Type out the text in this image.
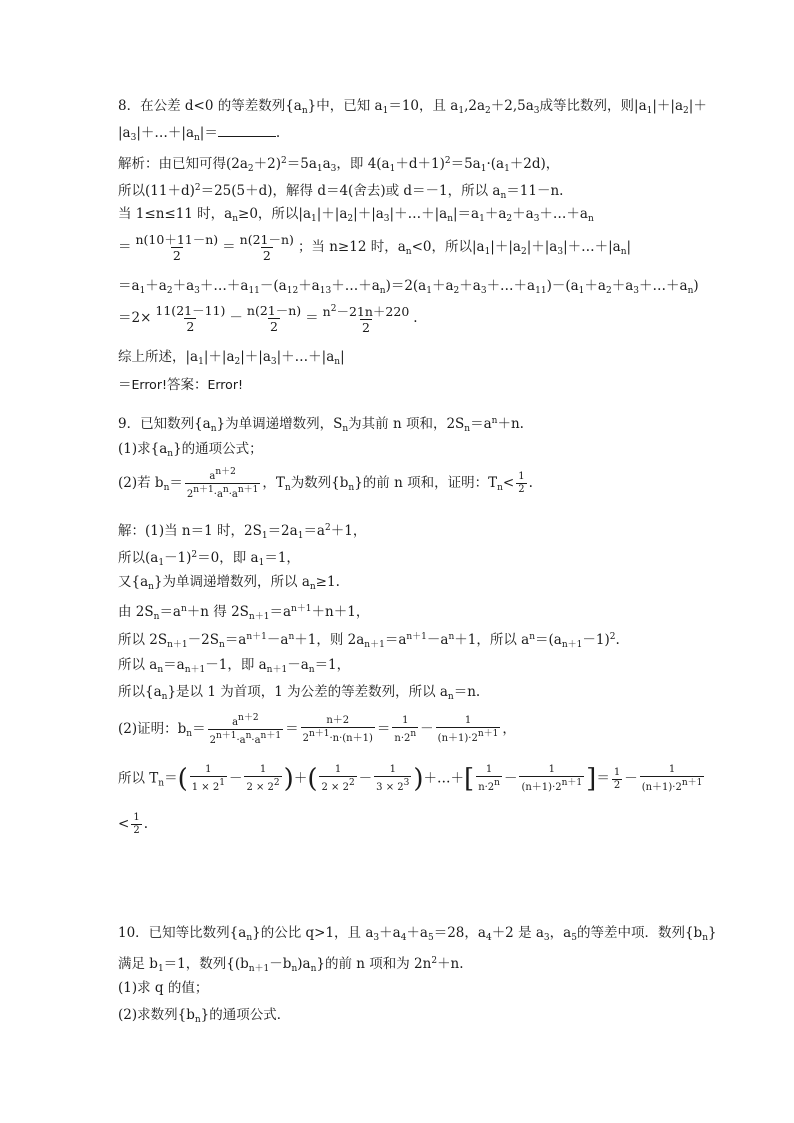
8．在公差 d<0 的等差数列$\{a_n\}$中，已知 $a_1=10$，且 $a_1,2a_2+2,5a_3$成等比数列，则$|a_1|+|a_2|+$
$|a_3|+\dots+|a_n|=$	.
解析：由已知可得$(2a_2+2)^2=5a_1a_3$，即 $4(a_1+d+1)^2=5a_1\cdot(a_1+2d)$，
所以$(11+d)^2=25(5+d)$，解得 d＝4(舍去)或 d＝－1，所以 $a_n=11-n$.
当 1≤n≤11 时，$a_n\ge 0$，所以$|a_1|+|a_2|+|a_3|+\dots+|a_n|=a_1+a_2+a_3+\dots+a_n$
＝ $\frac{n(10+11-n)}{2} = \frac{n(21-n)}{2}$ ；当 n≥12 时，$a_n<0$，所以$|a_1|+|a_2|+|a_3|+\dots+|a_n|$
$=a_1+a_2+a_3+\dots+a_{11}-(a_{12}+a_{13}+\dots+a_n)=2(a_1+a_2+a_3+\dots+a_{11})-(a_1+a_2+a_3+\dots+a_n)$
$=2\times \frac{11(21-11)}{2} - \frac{n(21-n)}{2} = \frac{n^2-21n+220}{2}$ .
综上所述，$|a_1|+|a_2|+|a_3|+\dots+|a_n|$
＝Error!答案：Error!
9．已知数列$\{a_n\}$为单调递增数列，$S_n$为其前 n 项和，$2S_n=a^n+n$.
(1)求$\{a_n\}$的通项公式；
(2)若 $b_n= \frac{a^{n+2}}{2^{n+1}\cdot a^n\cdot a^{n+1}}$ ，$T_n$为数列$\{b_n\}$的前 n 项和，证明：$T_n< \frac{1}{2}$ .
解：(1)当 n＝1 时，$2S_1=2a_1=a^2+1$，
所以$(a_1-1)^2=0$，即 $a_1=1$，
又$\{a_n\}$为单调递增数列，所以 $a_n\ge 1$.
由 $2S_n=a^n+n$ 得 $2S_{n+1}=a^{n+1}+n+1$，
所以 $2S_{n+1}-2S_n=a^{n+1}-a^n+1$，则 $2a_{n+1}=a^{n+1}-a^n+1$，所以 $a^n=(a_{n+1}-1)^2$.
所以 $a_n=a_{n+1}-1$，即 $a_{n+1}-a_n=1$，
所以$\{a_n\}$是以 1 为首项，1 为公差的等差数列，所以 $a_n=n$.
(2)证明：$b_n= \frac{a^{n+2}}{2^{n+1}\cdot a^n\cdot a^{n+1}} = \frac{n+2}{2^{n+1}\cdot n\cdot(n+1)} = \frac{1}{n\cdot 2^n} - \frac{1}{(n+1)\cdot 2^{n+1}}$ ，
所以 $T_n=( \frac{1}{1 \times 2^1} - \frac{1}{2 \times 2^2}$ )＋( $\frac{1}{2 \times 2^2} - \frac{1}{3 \times 2^3}$ )＋…＋[ $\frac{1}{n\cdot 2^n} - \frac{1}{(n+1)\cdot 2^{n+1}}$ ]＝ $\frac{1}{2} - \frac{1}{(n+1)\cdot 2^{n+1}}$
< $\frac{1}{2}$ .
10．已知等比数列$\{a_n\}$的公比 q>1，且 $a_3+a_4+a_5=28$，$a_4+2$ 是 $a_3$，$a_5$的等差中项．数列$\{b_n\}$
满足 $b_1=1$，数列$\{(b_{n+1}-b_n)a_n\}$的前 n 项和为 $2n^2+n$.
(1)求 q 的值；
(2)求数列$\{b_n\}$的通项公式．
